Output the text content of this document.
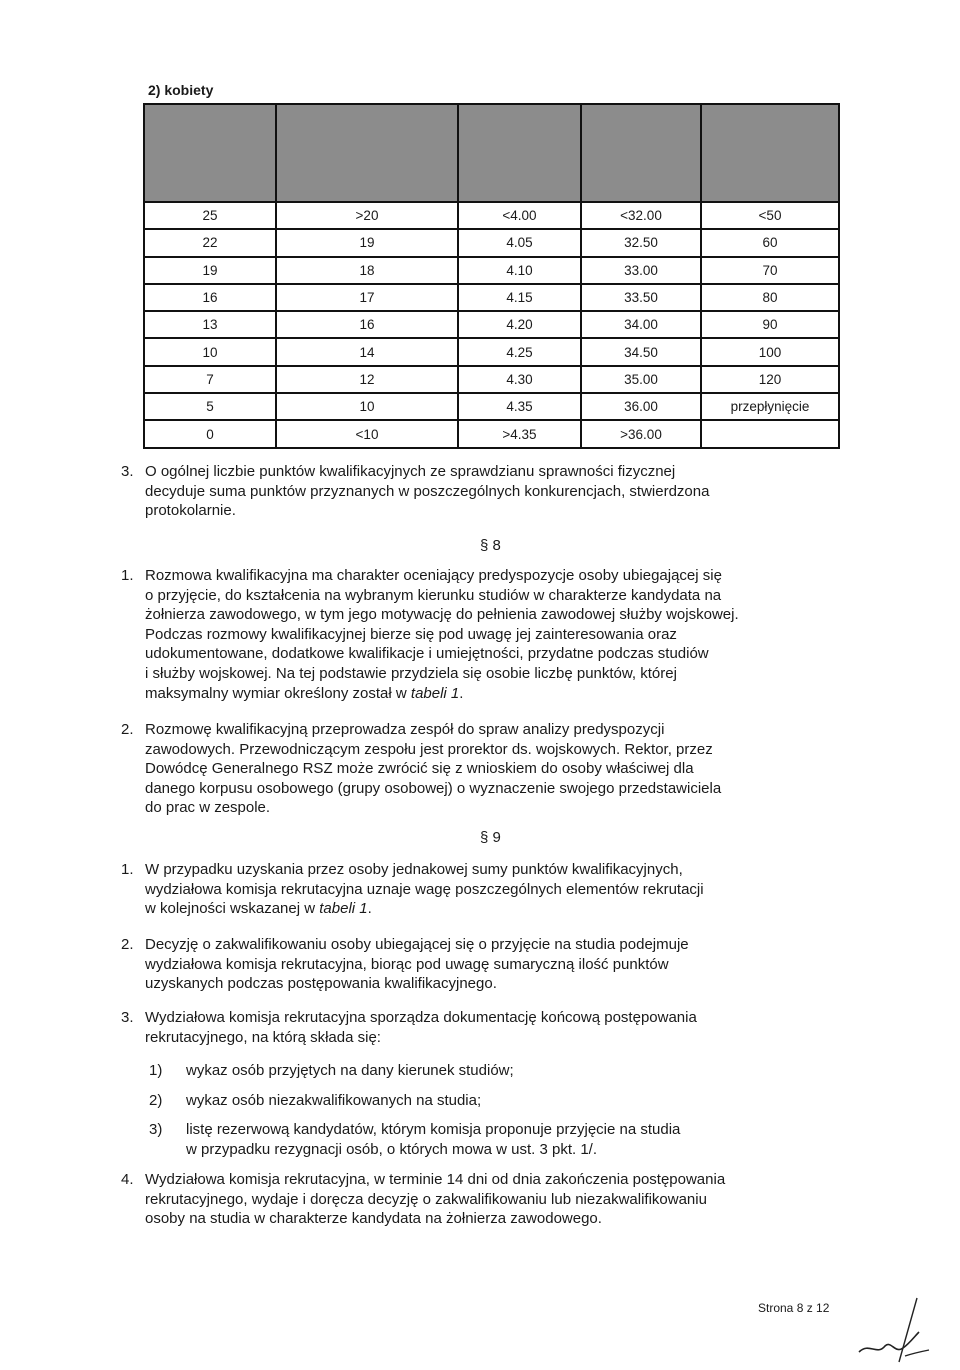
2) kobiety

25	>20	<4.00	<32.00	<50
22	19	4.05	32.50	60
19	18	4.10	33.00	70
16	17	4.15	33.50	80
13	16	4.20	34.00	90
10	14	4.25	34.50	100
7	12	4.30	35.00	120
5	10	4.35	36.00	przepłynięcie
0	<10	>4.35	>36.00	
3. O ogólnej liczbie punktów kwalifikacyjnych ze sprawdzianu sprawności fizycznej
decyduje suma punktów przyznanych w poszczególnych konkurencjach, stwierdzona
protokolarnie.
§ 8
1. Rozmowa kwalifikacyjna ma charakter oceniający predyspozycje osoby ubiegającej się
o przyjęcie, do kształcenia na wybranym kierunku studiów w charakterze kandydata na
żołnierza zawodowego, w tym jego motywację do pełnienia zawodowej służby wojskowej.
Podczas rozmowy kwalifikacyjnej bierze się pod uwagę jej zainteresowania oraz
udokumentowane, dodatkowe kwalifikacje i umiejętności, przydatne podczas studiów
i służby wojskowej. Na tej podstawie przydziela się osobie liczbę punktów, której
maksymalny wymiar określony został w tabeli 1.
2. Rozmowę kwalifikacyjną przeprowadza zespół do spraw analizy predyspozycji
zawodowych. Przewodniczącym zespołu jest prorektor ds. wojskowych. Rektor, przez
Dowódcę Generalnego RSZ może zwrócić się z wnioskiem do osoby właściwej dla
danego korpusu osobowego (grupy osobowej) o wyznaczenie swojego przedstawiciela
do prac w zespole.
§ 9
1. W przypadku uzyskania przez osoby jednakowej sumy punktów kwalifikacyjnych,
wydziałowa komisja rekrutacyjna uznaje wagę poszczególnych elementów rekrutacji
w kolejności wskazanej w tabeli 1.
2. Decyzję o zakwalifikowaniu osoby ubiegającej się o przyjęcie na studia podejmuje
wydziałowa komisja rekrutacyjna, biorąc pod uwagę sumaryczną ilość punktów
uzyskanych podczas postępowania kwalifikacyjnego.
3. Wydziałowa komisja rekrutacyjna sporządza dokumentację końcową postępowania
rekrutacyjnego, na którą składa się:
1) wykaz osób przyjętych na dany kierunek studiów;
2) wykaz osób niezakwalifikowanych na studia;
3) listę rezerwową kandydatów, którym komisja proponuje przyjęcie na studia
w przypadku rezygnacji osób, o których mowa w ust. 3 pkt. 1/.
4. Wydziałowa komisja rekrutacyjna, w terminie 14 dni od dnia zakończenia postępowania
rekrutacyjnego, wydaje i doręcza decyzję o zakwalifikowaniu lub niezakwalifikowaniu
osoby na studia w charakterze kandydata na żołnierza zawodowego.
Strona 8 z 12
